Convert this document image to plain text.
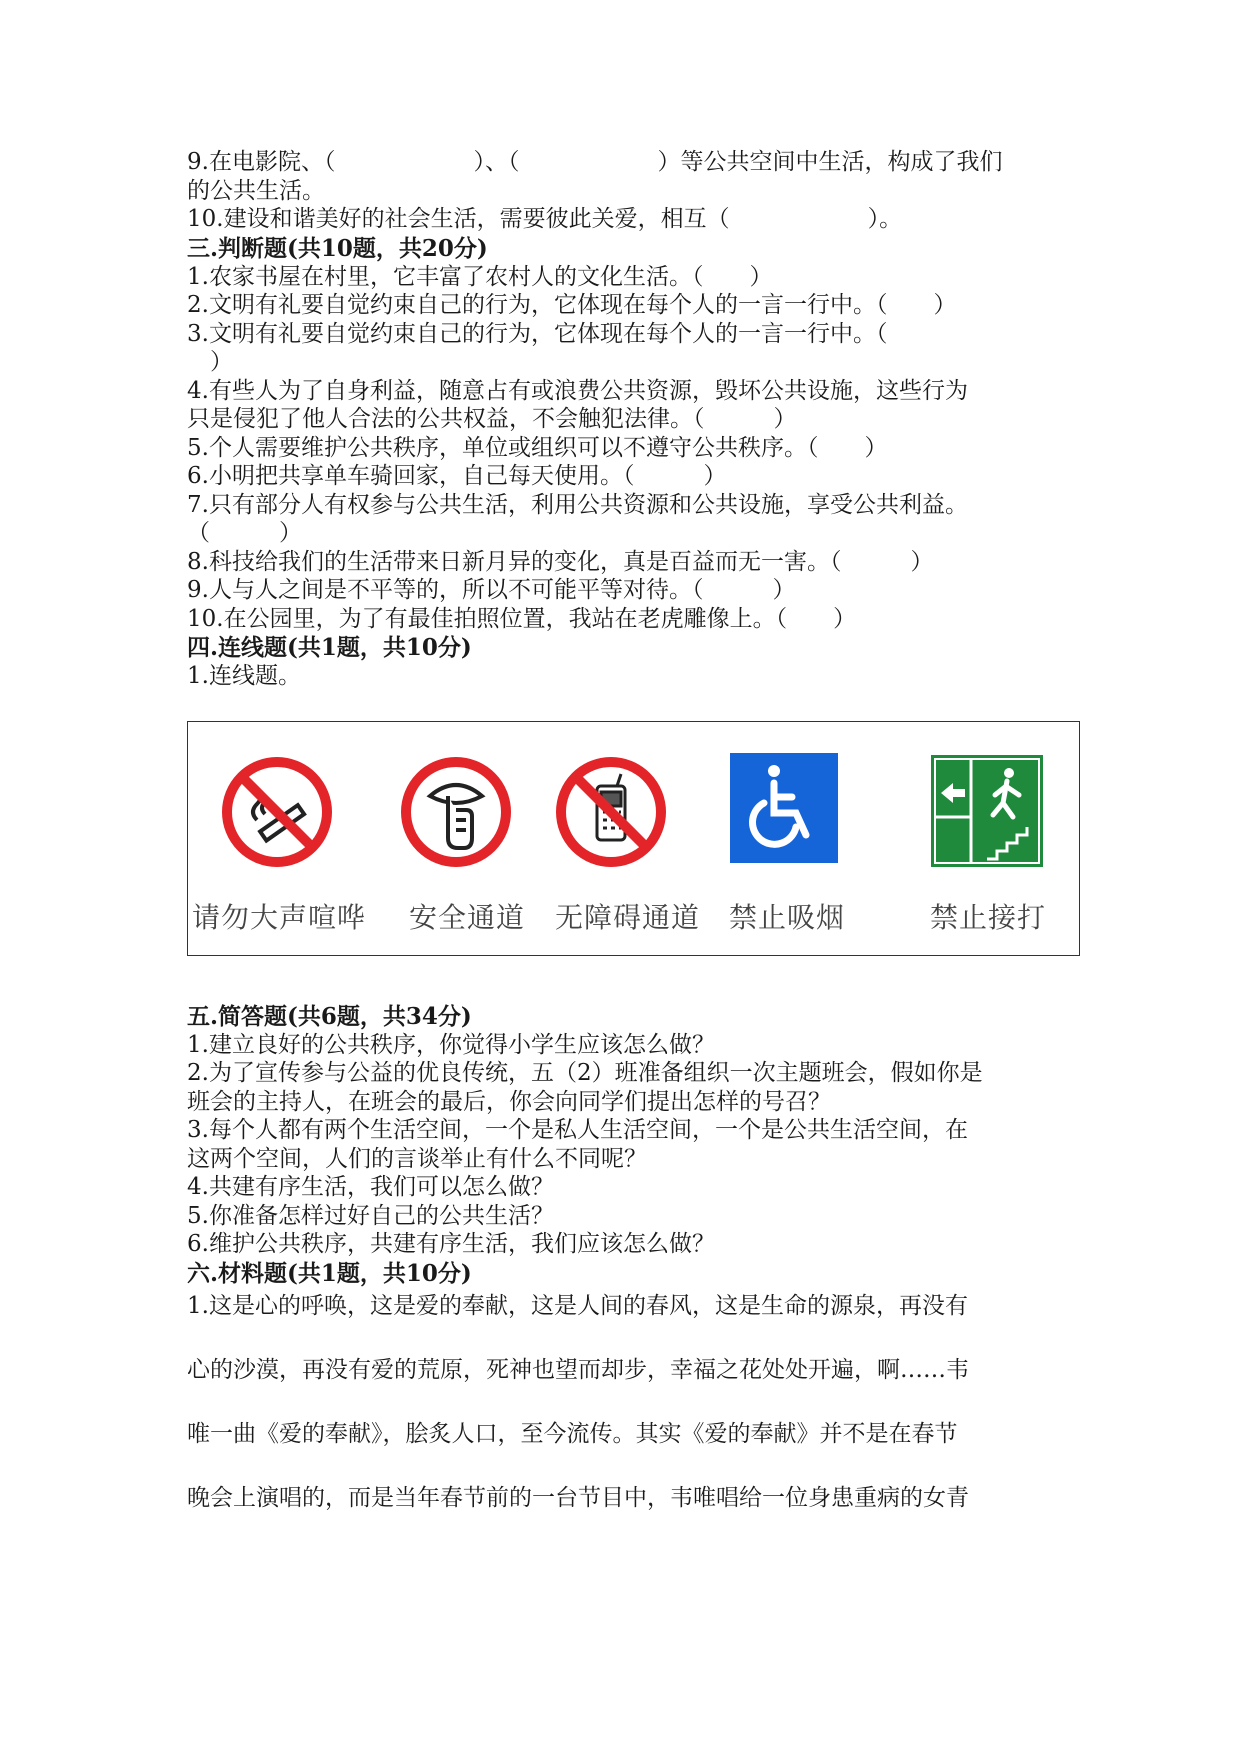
9.在电影院、（　　　　　　）、（　　　　　　）等公共空间中生活，构成了我们
的公共生活。
10.建设和谐美好的社会生活，需要彼此关爱，相互（　　　　　　）。
三.判断题(共10题，共20分)
1.农家书屋在村里，它丰富了农村人的文化生活。（　　）
2.文明有礼要自觉约束自己的行为，它体现在每个人的一言一行中。（　　）
3.文明有礼要自觉约束自己的行为，它体现在每个人的一言一行中。（
　）
4.有些人为了自身利益，随意占有或浪费公共资源，毁坏公共设施，这些行为
只是侵犯了他人合法的公共权益，不会触犯法律。（　　　）
5.个人需要维护公共秩序，单位或组织可以不遵守公共秩序。（　　）
6.小明把共享单车骑回家，自己每天使用。（　　　）
7.只有部分人有权参与公共生活，利用公共资源和公共设施，享受公共利益。
（　　　）
8.科技给我们的生活带来日新月异的变化，真是百益而无一害。（　　　）
9.人与人之间是不平等的，所以不可能平等对待。（　　　）
10.在公园里，为了有最佳拍照位置，我站在老虎雕像上。（　　）
四.连线题(共1题，共10分)
1.连线题。
请勿大声喧哗 安全通道 无障碍通道 禁止吸烟	禁止接打
五.简答题(共6题，共34分)
1.建立良好的公共秩序，你觉得小学生应该怎么做？
2.为了宣传参与公益的优良传统，五（2）班准备组织一次主题班会，假如你是
班会的主持人，在班会的最后，你会向同学们提出怎样的号召？
3.每个人都有两个生活空间，一个是私人生活空间，一个是公共生活空间，在
这两个空间，人们的言谈举止有什么不同呢？
4.共建有序生活，我们可以怎么做？
5.你准备怎样过好自己的公共生活？
6.维护公共秩序，共建有序生活，我们应该怎么做？
六.材料题(共1题，共10分)
1.这是心的呼唤，这是爱的奉献，这是人间的春风，这是生命的源泉，再没有
心的沙漠，再没有爱的荒原，死神也望而却步，幸福之花处处开遍，啊……韦
唯一曲《爱的奉献》，脍炙人口，至今流传。其实《爱的奉献》并不是在春节
晚会上演唱的，而是当年春节前的一台节目中，韦唯唱给一位身患重病的女青
